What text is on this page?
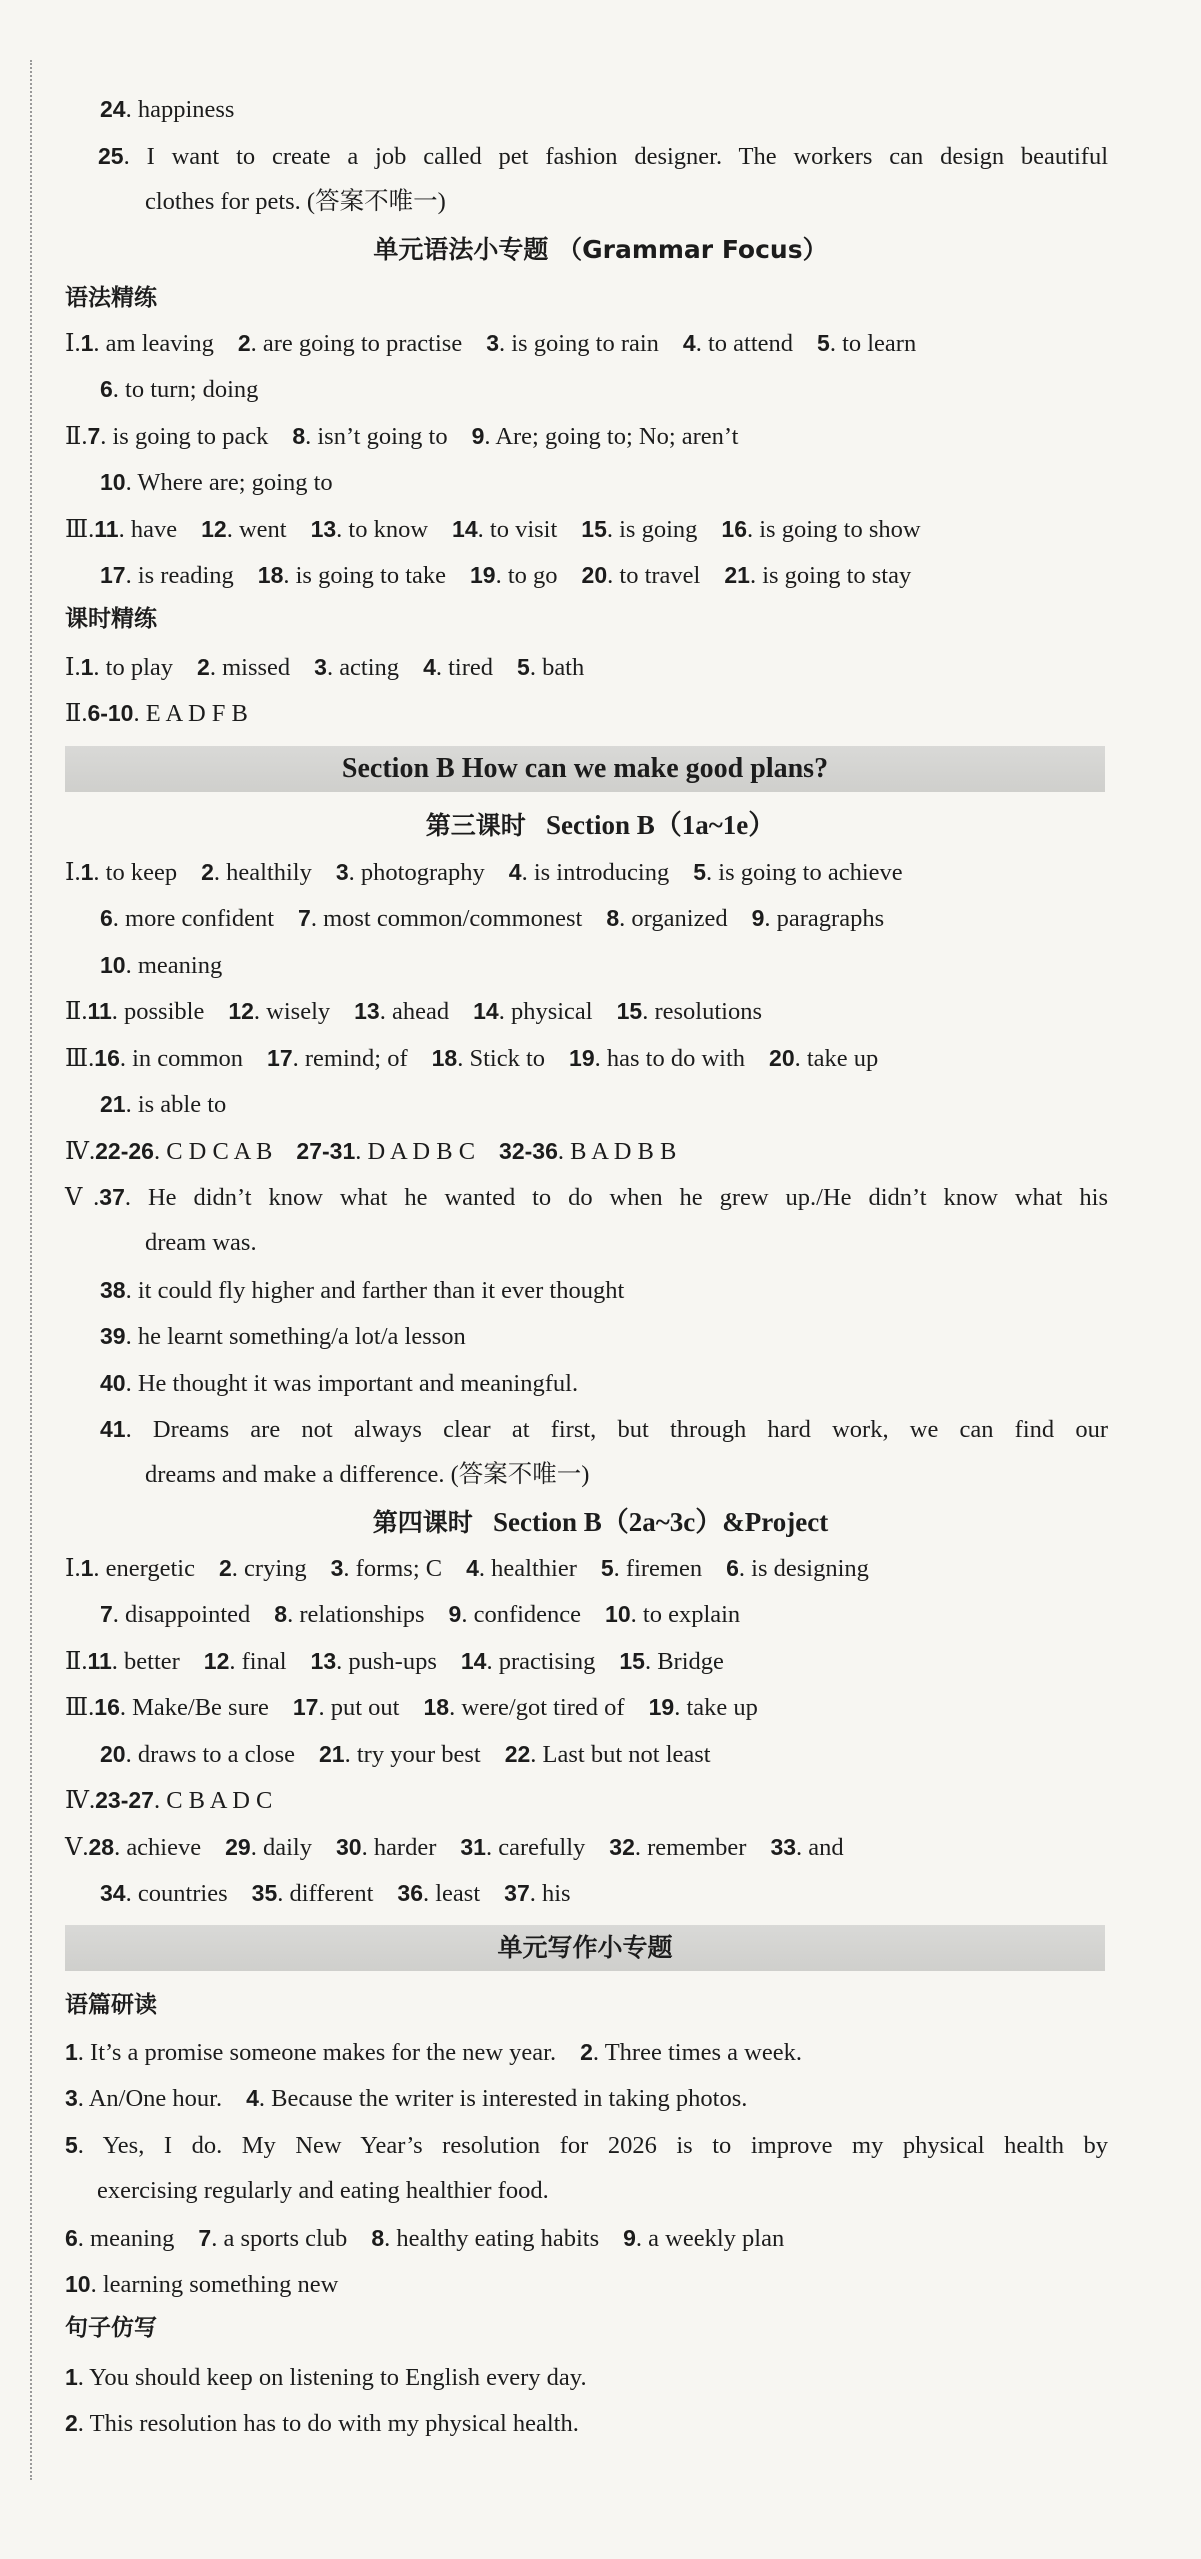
24. happiness
25. I want to create a job called pet fashion designer. The workers can design beautiful
clothes for pets. (答案不唯一)
单元语法小专题 （Grammar Focus）
语法精练
Ⅰ.1. am leaving 2. are going to practise 3. is going to rain 4. to attend 5. to learn
6. to turn; doing
Ⅱ.7. is going to pack 8. isn’t going to 9. Are; going to; No; aren’t
10. Where are; going to
Ⅲ.11. have 12. went 13. to know 14. to visit 15. is going 16. is going to show
17. is reading 18. is going to take 19. to go 20. to travel 21. is going to stay
课时精练
Ⅰ.1. to play 2. missed 3. acting 4. tired 5. bath
Ⅱ.6-10. E A D F B
Section B How can we make good plans?
第三课时 Section B（1a~1e）
Ⅰ.1. to keep 2. healthily 3. photography 4. is introducing 5. is going to achieve
6. more confident 7. most common/commonest 8. organized 9. paragraphs
10. meaning
Ⅱ.11. possible 12. wisely 13. ahead 14. physical 15. resolutions
Ⅲ.16. in common 17. remind; of 18. Stick to 19. has to do with 20. take up
21. is able to
Ⅳ.22-26. C D C A B 27-31. D A D B C 32-36. B A D B B
Ⅴ.37. He didn’t know what he wanted to do when he grew up./He didn’t know what his
dream was.
38. it could fly higher and farther than it ever thought
39. he learnt something/a lot/a lesson
40. He thought it was important and meaningful.
41. Dreams are not always clear at first, but through hard work, we can find our
dreams and make a difference. (答案不唯一)
第四课时 Section B（2a~3c）&Project
Ⅰ.1. energetic 2. crying 3. forms; C 4. healthier 5. firemen 6. is designing
7. disappointed 8. relationships 9. confidence 10. to explain
Ⅱ.11. better 12. final 13. push-ups 14. practising 15. Bridge
Ⅲ.16. Make/Be sure 17. put out 18. were/got tired of 19. take up
20. draws to a close 21. try your best 22. Last but not least
Ⅳ.23-27. C B A D C
Ⅴ.28. achieve 29. daily 30. harder 31. carefully 32. remember 33. and
34. countries 35. different 36. least 37. his
单元写作小专题
语篇研读
1. It’s a promise someone makes for the new year. 2. Three times a week.
3. An/One hour. 4. Because the writer is interested in taking photos.
5. Yes, I do. My New Year’s resolution for 2026 is to improve my physical health by
exercising regularly and eating healthier food.
6. meaning 7. a sports club 8. healthy eating habits 9. a weekly plan
10. learning something new
句子仿写
1. You should keep on listening to English every day.
2. This resolution has to do with my physical health.
